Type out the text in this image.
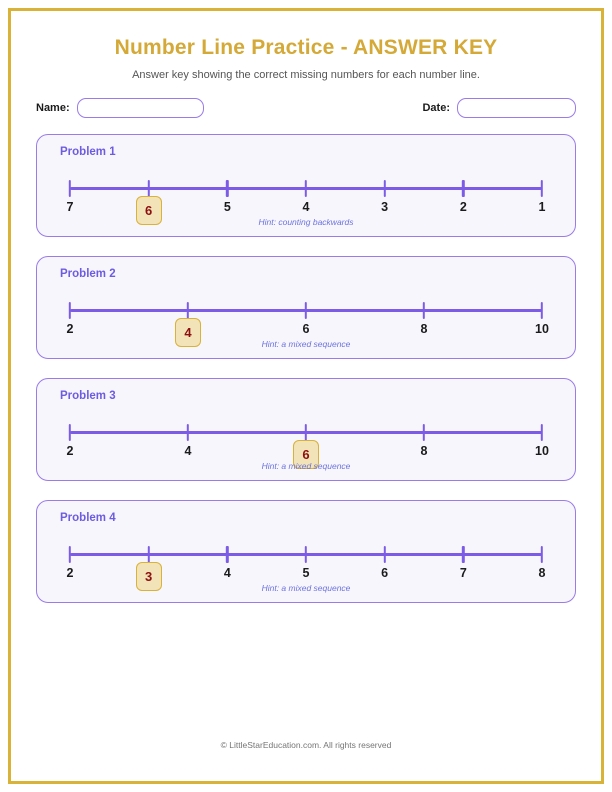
Number Line Practice - ANSWER KEY

Answer key showing the correct missing numbers for each number line.

Name:	Date:
Problem 1
7	6	5	4	3	2	1
Hint: counting backwards
Problem 2
2	4	6	8	10
Hint: a mixed sequence
Problem 3
2	4	6	8	10
Hint: a mixed sequence
Problem 4
2	3	4	5	6	7	8
Hint: a mixed sequence
© LittleStarEducation.com. All rights reserved
